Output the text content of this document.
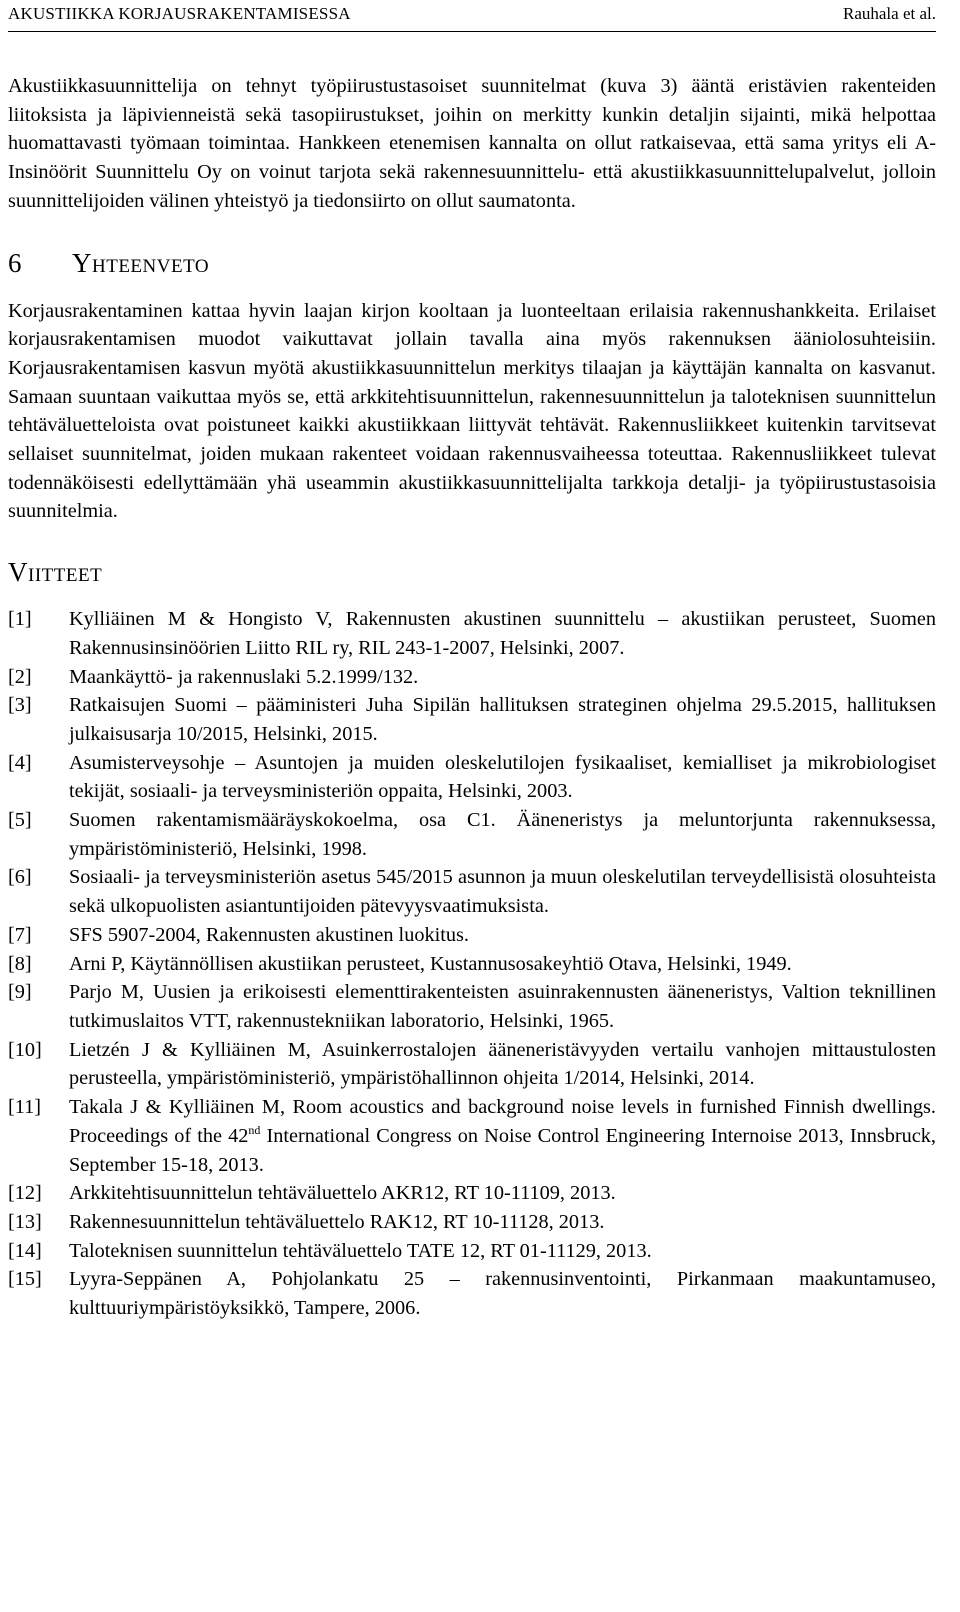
AKUSTIIKKA KORJAUSRAKENTAMISESSA	Rauhala et al.

Akustiikkasuunnittelija on tehnyt työpiirustustasoiset suunnitelmat (kuva 3) ääntä eristävien rakenteiden liitoksista ja läpivienneistä sekä tasopiirustukset, joihin on merkitty kunkin detaljin sijainti, mikä helpottaa huomattavasti työmaan toimintaa. Hankkeen etenemisen kannalta on ollut ratkaisevaa, että sama yritys eli A-Insinöörit Suunnittelu Oy on voinut tarjota sekä rakennesuunnittelu- että akustiikkasuunnittelupalvelut, jolloin suunnittelijoiden välinen yhteistyö ja tiedonsiirto on ollut saumatonta.

6	Yhteenveto

Korjausrakentaminen kattaa hyvin laajan kirjon kooltaan ja luonteeltaan erilaisia rakennushankkeita. Erilaiset korjausrakentamisen muodot vaikuttavat jollain tavalla aina myös rakennuksen ääniolosuhteisiin. Korjausrakentamisen kasvun myötä akustiikkasuunnittelun merkitys tilaajan ja käyttäjän kannalta on kasvanut. Samaan suuntaan vaikuttaa myös se, että arkkitehtisuunnittelun, rakennesuunnittelun ja taloteknisen suunnittelun tehtäväluetteloista ovat poistuneet kaikki akustiikkaan liittyvät tehtävät. Rakennusliikkeet kuitenkin tarvitsevat sellaiset suunnitelmat, joiden mukaan rakenteet voidaan rakennusvaiheessa toteuttaa. Rakennusliikkeet tulevat todennäköisesti edellyttämään yhä useammin akustiikkasuunnittelijalta tarkkoja detalji- ja työpiirustustasoisia suunnitelmia.

Viitteet
[1]	Kylliäinen M & Hongisto V, Rakennusten akustinen suunnittelu – akustiikan perusteet, Suomen Rakennusinsinöörien Liitto RIL ry, RIL 243-1-2007, Helsinki, 2007.
[2]	Maankäyttö- ja rakennuslaki 5.2.1999/132.
[3]	Ratkaisujen Suomi – pääministeri Juha Sipilän hallituksen strateginen ohjelma 29.5.2015, hallituksen julkaisusarja 10/2015, Helsinki, 2015.
[4]	Asumisterveysohje – Asuntojen ja muiden oleskelutilojen fysikaaliset, kemialliset ja mikrobiologiset tekijät, sosiaali- ja terveysministeriön oppaita, Helsinki, 2003.
[5]	Suomen rakentamismääräyskokoelma, osa C1. Ääneneristys ja meluntorjunta rakennuksessa, ympäristöministeriö, Helsinki, 1998.
[6]	Sosiaali- ja terveysministeriön asetus 545/2015 asunnon ja muun oleskelutilan terveydellisistä olosuhteista sekä ulkopuolisten asiantuntijoiden pätevyysvaatimuksista.
[7]	SFS 5907-2004, Rakennusten akustinen luokitus.
[8]	Arni P, Käytännöllisen akustiikan perusteet, Kustannusosakeyhtiö Otava, Helsinki, 1949.
[9]	Parjo M, Uusien ja erikoisesti elementtirakenteisten asuinrakennusten ääneneristys, Valtion teknillinen tutkimuslaitos VTT, rakennustekniikan laboratorio, Helsinki, 1965.
[10]	Lietzén J & Kylliäinen M, Asuinkerrostalojen ääneneristävyyden vertailu vanhojen mittaustulosten perusteella, ympäristöministeriö, ympäristöhallinnon ohjeita 1/2014, Helsinki, 2014.
[11]	Takala J & Kylliäinen M, Room acoustics and background noise levels in furnished Finnish dwellings. Proceedings of the 42nd International Congress on Noise Control Engineering Internoise 2013, Innsbruck, September 15-18, 2013.
[12]	Arkkitehtisuunnittelun tehtäväluettelo AKR12, RT 10-11109, 2013.
[13]	Rakennesuunnittelun tehtäväluettelo RAK12, RT 10-11128, 2013.
[14]	Taloteknisen suunnittelun tehtäväluettelo TATE 12, RT 01-11129, 2013.
[15]	Lyyra-Seppänen A, Pohjolankatu 25 – rakennusinventointi, Pirkanmaan maakuntamuseo, kulttuuriympäristöyksikkö, Tampere, 2006.
